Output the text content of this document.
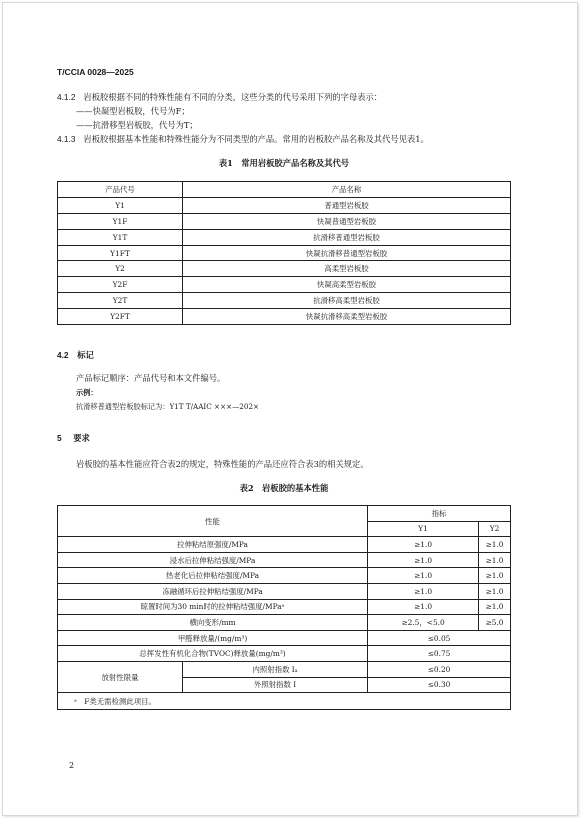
T/CCIA 0028—2025
4.1.2 岩板胶根据不同的特殊性能有不同的分类，这些分类的代号采用下列的字母表示：
——快凝型岩板胶，代号为F；
——抗滑移型岩板胶，代号为T；
4.1.3 岩板胶根据基本性能和特殊性能分为不同类型的产品。常用的岩板胶产品名称及其代号见表1。
表1　常用岩板胶产品名称及其代号
产品代号	产品名称
Y1	普通型岩板胶
Y1F	快凝普通型岩板胶
Y1T	抗滑移普通型岩板胶
Y1FT	快凝抗滑移普通型岩板胶
Y2	高柔型岩板胶
Y2F	快凝高柔型岩板胶
Y2T	抗滑移高柔型岩板胶
Y2FT	快凝抗滑移高柔型岩板胶
4.2 标记
产品标记顺序：产品代号和本文件编号。
示例：
抗滑移普通型岩板胶标记为：Y1T T/AAIC ×××—202×
5 要求
岩板胶的基本性能应符合表2的规定，特殊性能的产品还应符合表3的相关规定。
表2　岩板胶的基本性能
性能		指标	
		Y1	Y2
拉伸粘结原强度/MPa		≥1.0	≥1.0
浸水后拉伸粘结强度/MPa		≥1.0	≥1.0
热老化后拉伸粘结强度/MPa		≥1.0	≥1.0
冻融循环后拉伸粘结强度/MPa		≥1.0	≥1.0
晾置时间为30 min时的拉伸粘结强度/MPaᵃ		≥1.0	≥1.0
横向变形/mm		≥2.5，<5.0	≥5.0
甲醛释放量/(mg/m³)		≤0.05	
总挥发性有机化合物(TVOC)释放量(mg/m³)		≤0.75	
放射性限量	内照射指数 Iₐ	≤0.20	
	外照射指数 I	≤0.30	
ᵃ　F类无需检测此项目。			
2
